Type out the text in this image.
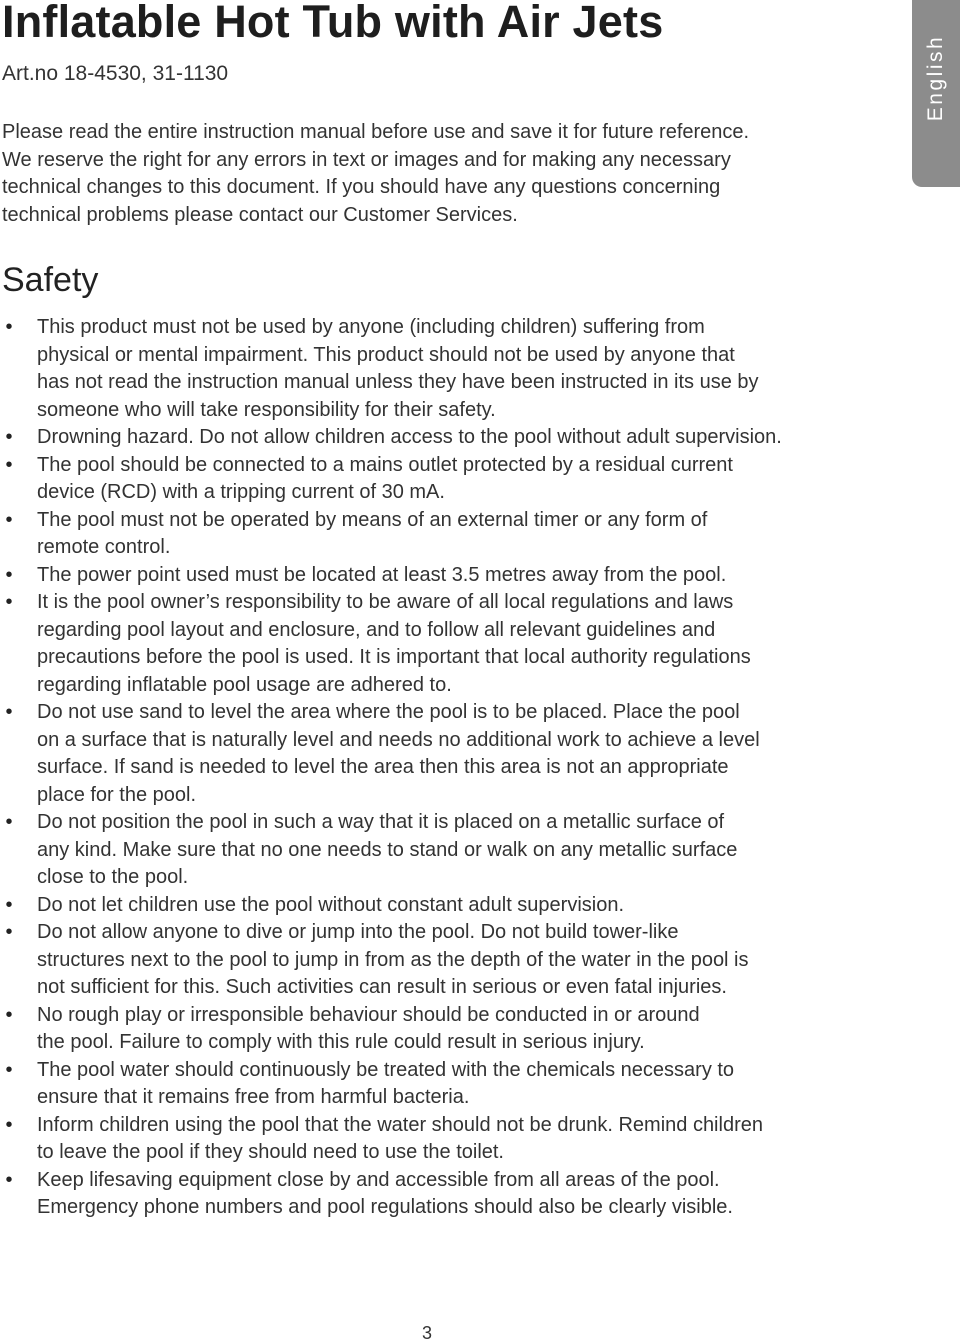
Inflatable Hot Tub with Air Jets
Art.no 18-4530, 31-1130	English

Please read the entire instruction manual before use and save it for future reference.
We reserve the right for any errors in text or images and for making any necessary
technical changes to this document. If you should have any questions concerning
technical problems please contact our Customer Services.

Safety
• This product must not be used by anyone (including children) suffering from
physical or mental impairment. This product should not be used by anyone that
has not read the instruction manual unless they have been instructed in its use by
someone who will take responsibility for their safety.
• Drowning hazard. Do not allow children access to the pool without adult supervision.
• The pool should be connected to a mains outlet protected by a residual current
device (RCD) with a tripping current of 30 mA.
• The pool must not be operated by means of an external timer or any form of
remote control.
• The power point used must be located at least 3.5 metres away from the pool.
• It is the pool owner’s responsibility to be aware of all local regulations and laws
regarding pool layout and enclosure, and to follow all relevant guidelines and
precautions before the pool is used. It is important that local authority regulations
regarding inflatable pool usage are adhered to.
• Do not use sand to level the area where the pool is to be placed. Place the pool
on a surface that is naturally level and needs no additional work to achieve a level
surface. If sand is needed to level the area then this area is not an appropriate
place for the pool.
• Do not position the pool in such a way that it is placed on a metallic surface of
any kind. Make sure that no one needs to stand or walk on any metallic surface
close to the pool.
• Do not let children use the pool without constant adult supervision.
• Do not allow anyone to dive or jump into the pool. Do not build tower-like
structures next to the pool to jump in from as the depth of the water in the pool is
not sufficient for this. Such activities can result in serious or even fatal injuries.
• No rough play or irresponsible behaviour should be conducted in or around
the pool. Failure to comply with this rule could result in serious injury.
• The pool water should continuously be treated with the chemicals necessary to
ensure that it remains free from harmful bacteria.
• Inform children using the pool that the water should not be drunk. Remind children
to leave the pool if they should need to use the toilet.
• Keep lifesaving equipment close by and accessible from all areas of the pool.
Emergency phone numbers and pool regulations should also be clearly visible.
3
